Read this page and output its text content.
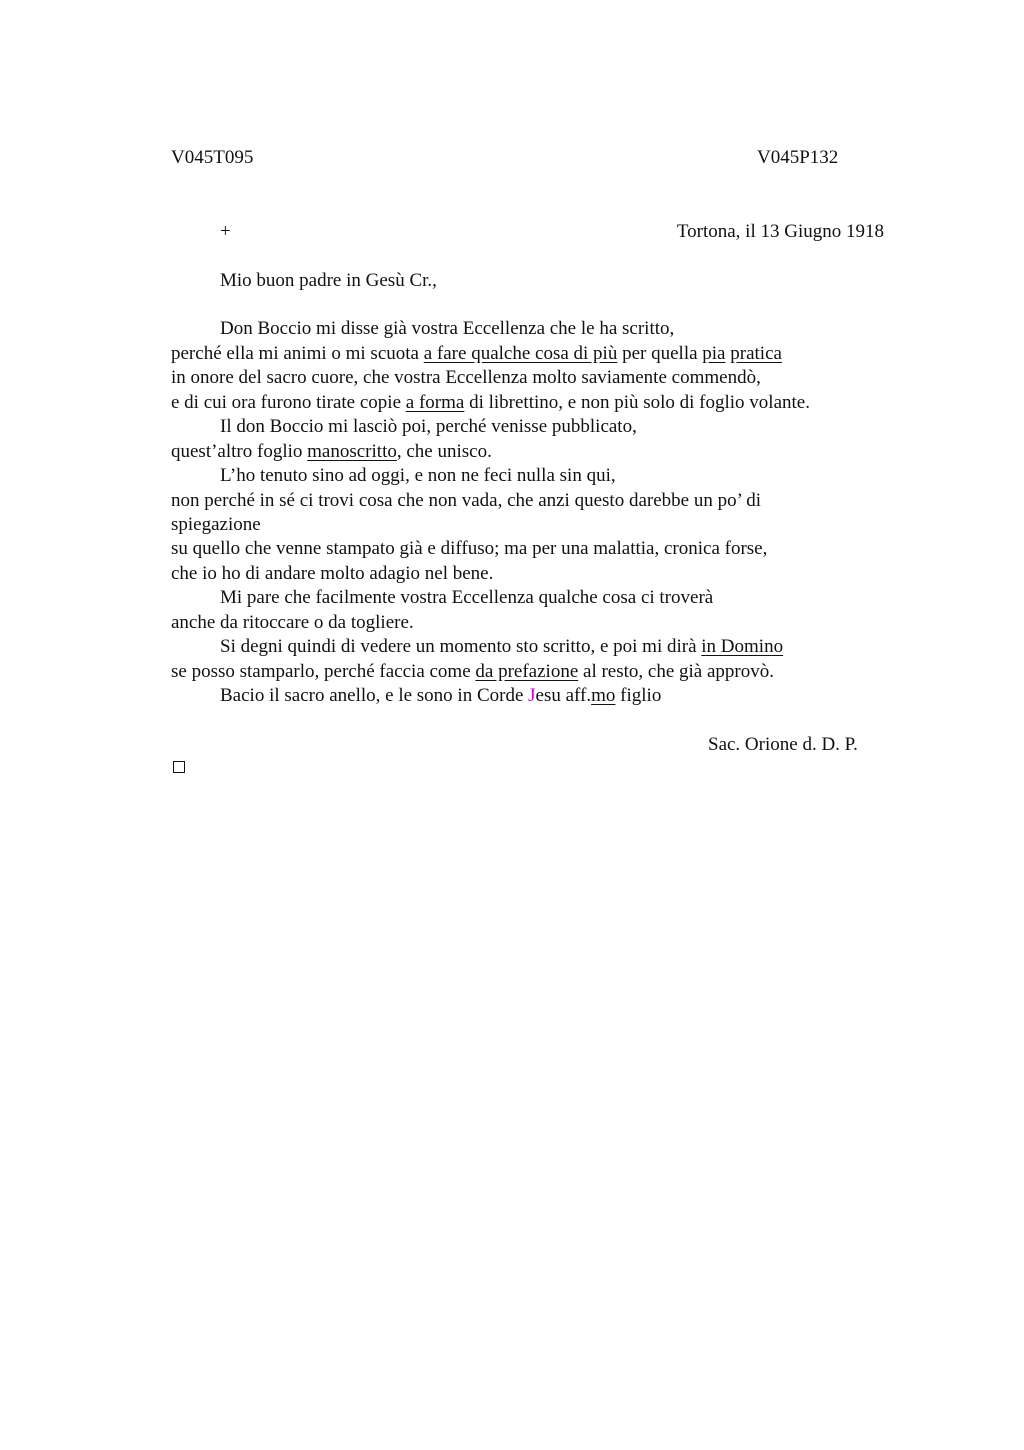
V045T095	V045P132
+	Tortona, il 13 Giugno 1918
Mio buon padre in Gesù Cr.,
Don Boccio mi disse già vostra Eccellenza che le ha scritto,
perché ella mi animi o mi scuota a fare qualche cosa di più per quella pia pratica
in onore del sacro cuore, che vostra Eccellenza molto saviamente commendò,
e di cui ora furono tirate copie a forma di librettino, e non più solo di foglio volante.
Il don Boccio mi lasciò poi, perché venisse pubblicato,
quest’altro foglio manoscritto, che unisco.
L’ho tenuto sino ad oggi, e non ne feci nulla sin qui,
non perché in sé ci trovi cosa che non vada, che anzi questo darebbe un po’ di
spiegazione
su quello che venne stampato già e diffuso; ma per una malattia, cronica forse,
che io ho di andare molto adagio nel bene.
Mi pare che facilmente vostra Eccellenza qualche cosa ci troverà
anche da ritoccare o da togliere.
Si degni quindi di vedere un momento sto scritto, e poi mi dirà in Domino
se posso stamparlo, perché faccia come da prefazione al resto, che già approvò.
Bacio il sacro anello, e le sono in Corde Jesu aff.mo figlio
Sac. Orione d. D. P.
